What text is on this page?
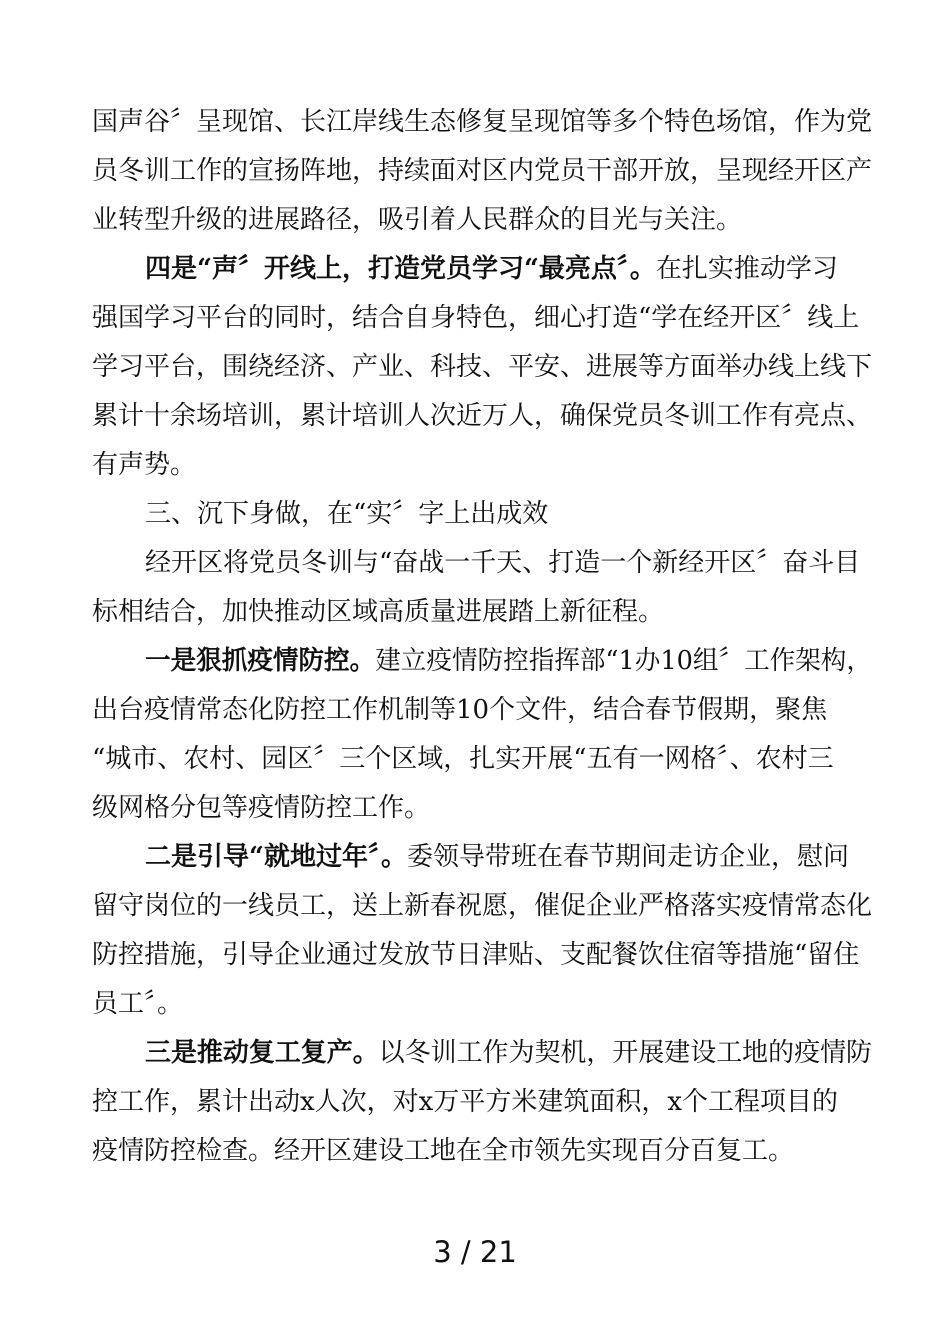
国声谷〞呈现馆、长江岸线生态修复呈现馆等多个特色场馆，作为党
员冬训工作的宣扬阵地，持续面对区内党员干部开放，呈现经开区产
业转型升级的进展路径，吸引着人民群众的目光与关注。
四是“声〞开线上，打造党员学习“最亮点〞。在扎实推动学习
强国学习平台的同时，结合自身特色，细心打造“学在经开区〞线上
学习平台，围绕经济、产业、科技、平安、进展等方面举办线上线下
累计十余场培训，累计培训人次近万人，确保党员冬训工作有亮点、
有声势。
三、沉下身做，在“实〞字上出成效
经开区将党员冬训与“奋战一千天、打造一个新经开区〞奋斗目
标相结合，加快推动区域高质量进展踏上新征程。
一是狠抓疫情防控。建立疫情防控指挥部“1办10组〞工作架构，
出台疫情常态化防控工作机制等10个文件，结合春节假期，聚焦
“城市、农村、园区〞三个区域，扎实开展“五有一网格〞、农村三
级网格分包等疫情防控工作。
二是引导“就地过年〞。委领导带班在春节期间走访企业，慰问
留守岗位的一线员工，送上新春祝愿，催促企业严格落实疫情常态化
防控措施，引导企业通过发放节日津贴、支配餐饮住宿等措施“留住
员工〞。
三是推动复工复产。以冬训工作为契机，开展建设工地的疫情防
控工作，累计出动x人次，对x万平方米建筑面积，x个工程项目的
疫情防控检查。经开区建设工地在全市领先实现百分百复工。
3 / 21
